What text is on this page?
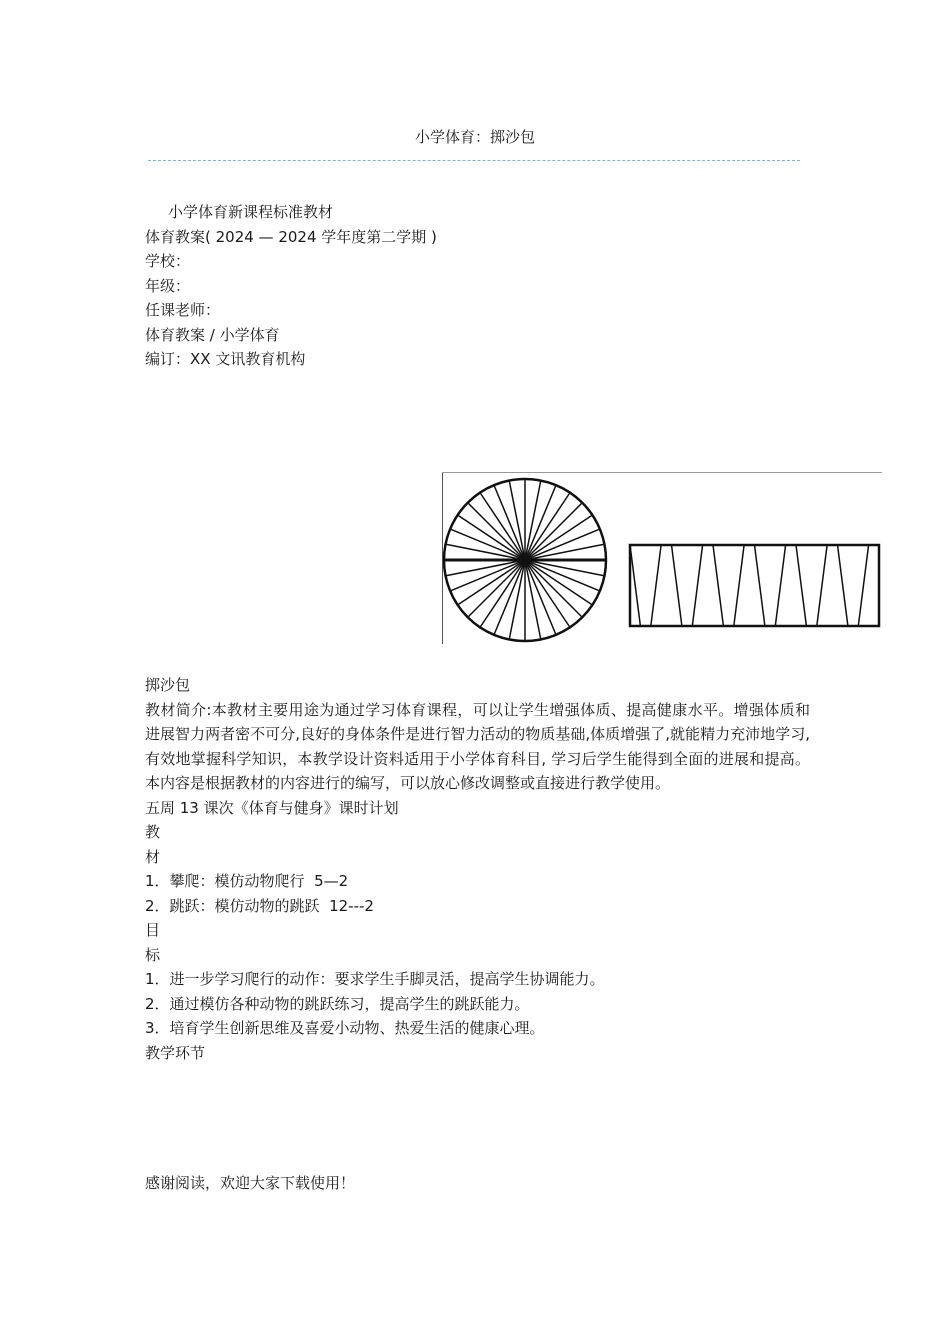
小学体育：掷沙包

小学体育新课程标准教材

体育教案( 2024 — 2024 学年度第二学期 )

学校：

年级：

任课老师：

体育教案 / 小学体育

编订：XX 文讯教育机构

掷沙包

教材简介:本教材主要用途为通过学习体育课程，可以让学生增强体质、提高健康水平。增强体质和进展智力两者密不可分,良好的身体条件是进行智力活动的物质基础,体质增强了,就能精力充沛地学习,有效地掌握科学知识，本教学设计资料适用于小学体育科目, 学习后学生能得到全面的进展和提高。本内容是根据教材的内容进行的编写，可以放心修改调整或直接进行教学使用。

五周 13 课次《体育与健身》课时计划

教

材

1．攀爬：模仿动物爬行  5—2

2．跳跃：模仿动物的跳跃  12---2

目

标

1．进一步学习爬行的动作：要求学生手脚灵活，提高学生协调能力。

2．通过模仿各种动物的跳跃练习，提高学生的跳跃能力。

3．培育学生创新思维及喜爱小动物、热爱生活的健康心理。

教学环节

感谢阅读，欢迎大家下载使用！
